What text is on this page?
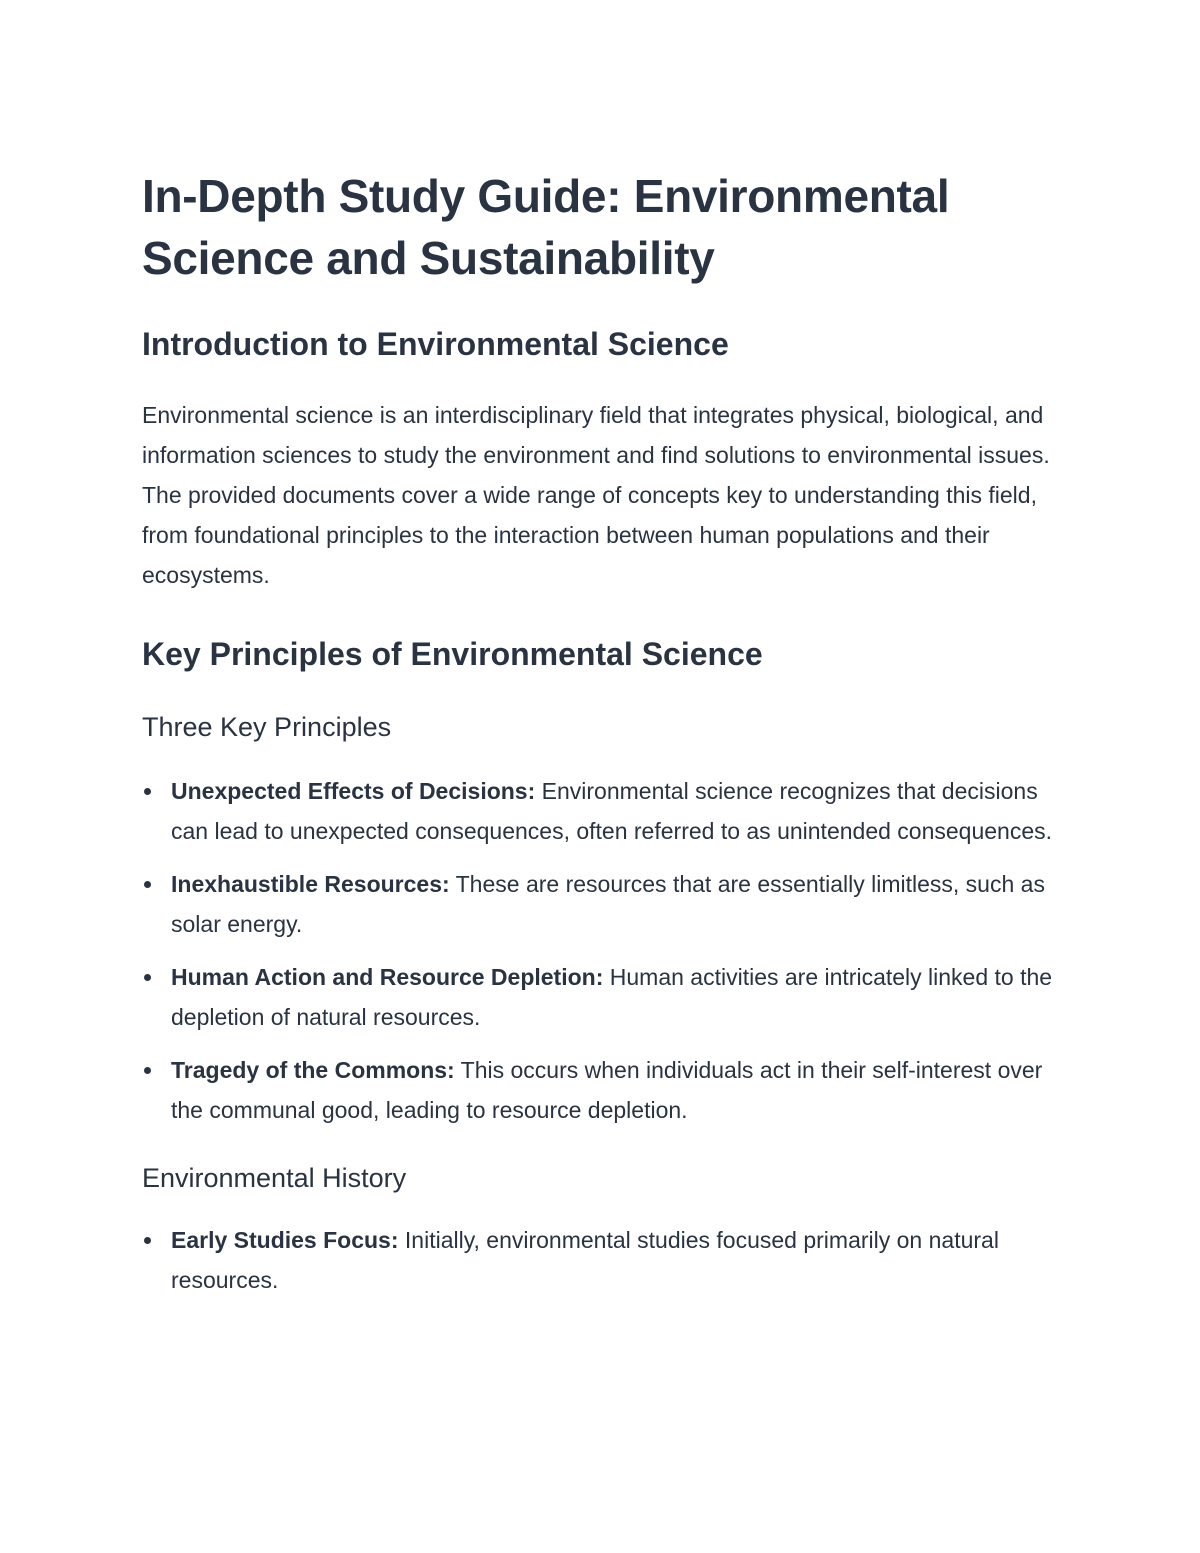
In-Depth Study Guide: Environmental Science and Sustainability
Introduction to Environmental Science

Environmental science is an interdisciplinary field that integrates physical, biological, and information sciences to study the environment and find solutions to environmental issues. The provided documents cover a wide range of concepts key to understanding this field, from foundational principles to the interaction between human populations and their ecosystems.

Key Principles of Environmental Science
Three Key Principles
Unexpected Effects of Decisions: Environmental science recognizes that decisions can lead to unexpected consequences, often referred to as unintended consequences.
Inexhaustible Resources: These are resources that are essentially limitless, such as solar energy.
Human Action and Resource Depletion: Human activities are intricately linked to the depletion of natural resources.
Tragedy of the Commons: This occurs when individuals act in their self-interest over the communal good, leading to resource depletion.
Environmental History
Early Studies Focus: Initially, environmental studies focused primarily on natural resources.
